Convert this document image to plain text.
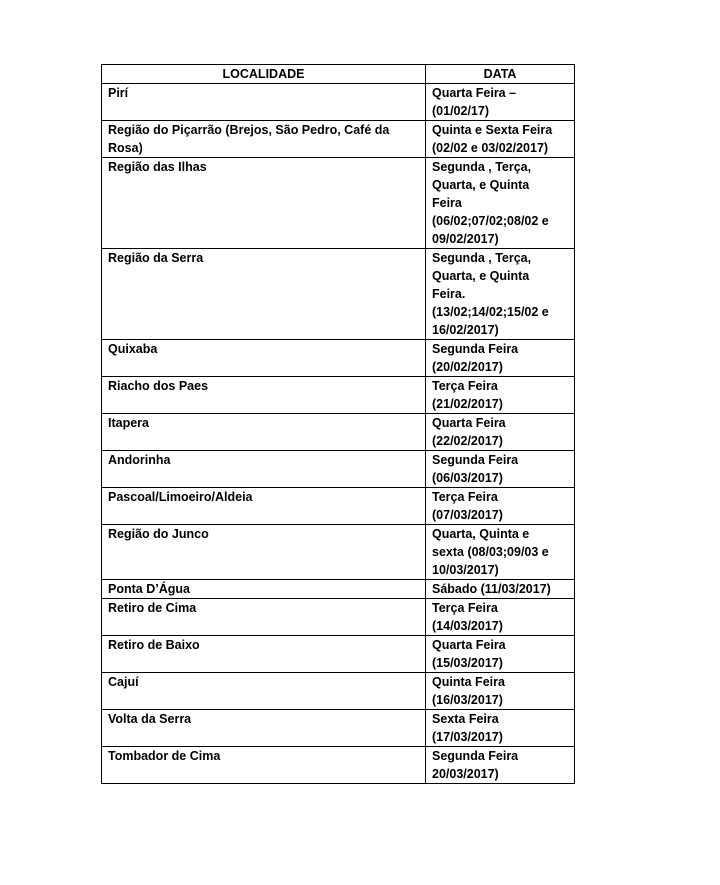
LOCALIDADE	DATA

Pirí	Quarta Feira –
(01/02/17)

Região do Piçarrão (Brejos, São Pedro, Café da
Rosa)	Quinta e Sexta Feira
(02/02 e 03/02/2017)

Região das Ilhas	Segunda , Terça,
Quarta, e Quinta
Feira
(06/02;07/02;08/02 e
09/02/2017)

Região da Serra	Segunda , Terça,
Quarta, e Quinta
Feira.
(13/02;14/02;15/02 e
16/02/2017)

Quixaba	Segunda Feira
(20/02/2017)

Riacho dos Paes	Terça Feira
(21/02/2017)

Itapera	Quarta Feira
(22/02/2017)

Andorinha	Segunda Feira
(06/03/2017)

Pascoal/Limoeiro/Aldeia	Terça Feira
(07/03/2017)

Região do Junco	Quarta, Quinta e
sexta (08/03;09/03 e
10/03/2017)

Ponta D’Água	Sábado (11/03/2017)

Retiro de Cima	Terça Feira
(14/03/2017)

Retiro de Baixo	Quarta Feira
(15/03/2017)

Cajuí	Quinta Feira
(16/03/2017)

Volta da Serra	Sexta Feira
(17/03/2017)

Tombador de Cima	Segunda Feira
20/03/2017)
